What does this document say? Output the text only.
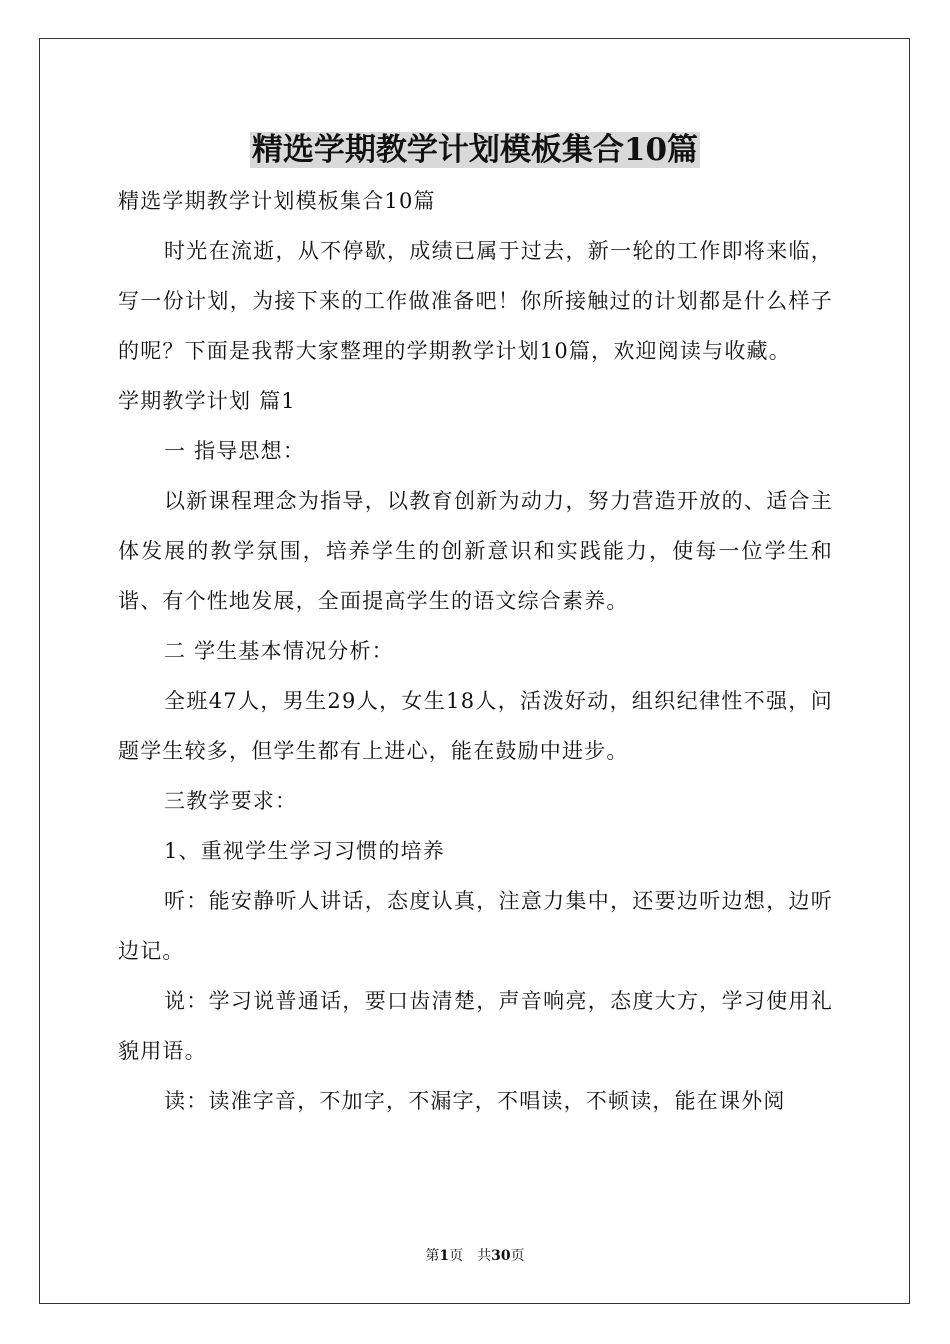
精选学期教学计划模板集合10篇

精选学期教学计划模板集合10篇

时光在流逝，从不停歇，成绩已属于过去，新一轮的工作即将来临，写一份计划，为接下来的工作做准备吧！你所接触过的计划都是什么样子的呢？下面是我帮大家整理的学期教学计划10篇，欢迎阅读与收藏。

学期教学计划 篇1

一 指导思想：

以新课程理念为指导，以教育创新为动力，努力营造开放的、适合主体发展的教学氛围，培养学生的创新意识和实践能力，使每一位学生和谐、有个性地发展，全面提高学生的语文综合素养。

二 学生基本情况分析：

全班47人，男生29人，女生18人，活泼好动，组织纪律性不强，问题学生较多，但学生都有上进心，能在鼓励中进步。

三教学要求：

1、重视学生学习习惯的培养

听：能安静听人讲话，态度认真，注意力集中，还要边听边想，边听边记。

说：学习说普通话，要口齿清楚，声音响亮，态度大方，学习使用礼貌用语。

读：读准字音，不加字，不漏字，不唱读，不顿读，能在课外阅

第1页　共30页
